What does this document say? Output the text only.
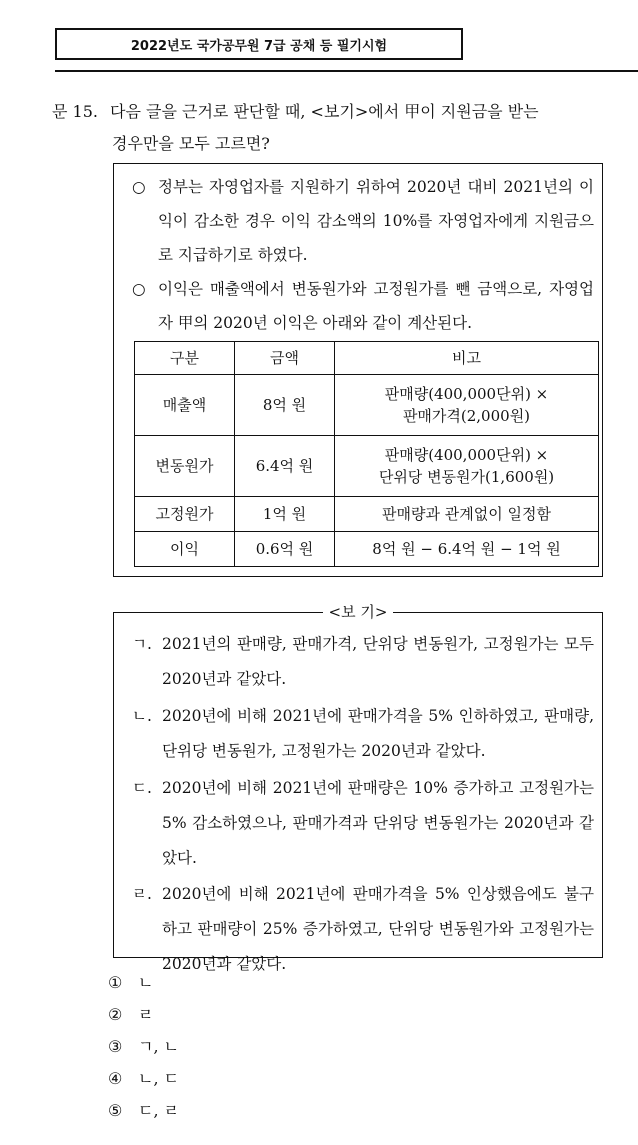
2022년도 국가공무원 7급 공채 등 필기시험
문 15. 다음 글을 근거로 판단할 때, <보기>에서 甲이 지원금을 받는
경우만을 모두 고르면?
○ 정부는 자영업자를 지원하기 위하여 2020년 대비 2021년의 이익이 감소한 경우 이익 감소액의 10%를 자영업자에게 지원금으로 지급하기로 하였다.
○ 이익은 매출액에서 변동원가와 고정원가를 뺀 금액으로, 자영업자 甲의 2020년 이익은 아래와 같이 계산된다.
구분	금액	비고
매출액	8억 원	판매량(400,000단위) ×
판매가격(2,000원)

변동원가	6.4억 원	판매량(400,000단위) ×
단위당 변동원가(1,600원)

고정원가	1억 원	판매량과 관계없이 일정함
이익	0.6억 원	8억 원 − 6.4억 원 − 1억 원
<보 기>
ㄱ. 2021년의 판매량, 판매가격, 단위당 변동원가, 고정원가는 모두 2020년과 같았다.
ㄴ. 2020년에 비해 2021년에 판매가격을 5% 인하하였고, 판매량, 단위당 변동원가, 고정원가는 2020년과 같았다.
ㄷ. 2020년에 비해 2021년에 판매량은 10% 증가하고 고정원가는 5% 감소하였으나, 판매가격과 단위당 변동원가는 2020년과 같았다.
ㄹ. 2020년에 비해 2021년에 판매가격을 5% 인상했음에도 불구하고 판매량이 25% 증가하였고, 단위당 변동원가와 고정원가는 2020년과 같았다.
① ㄴ
② ㄹ
③ ㄱ, ㄴ
④ ㄴ, ㄷ
⑤ ㄷ, ㄹ
